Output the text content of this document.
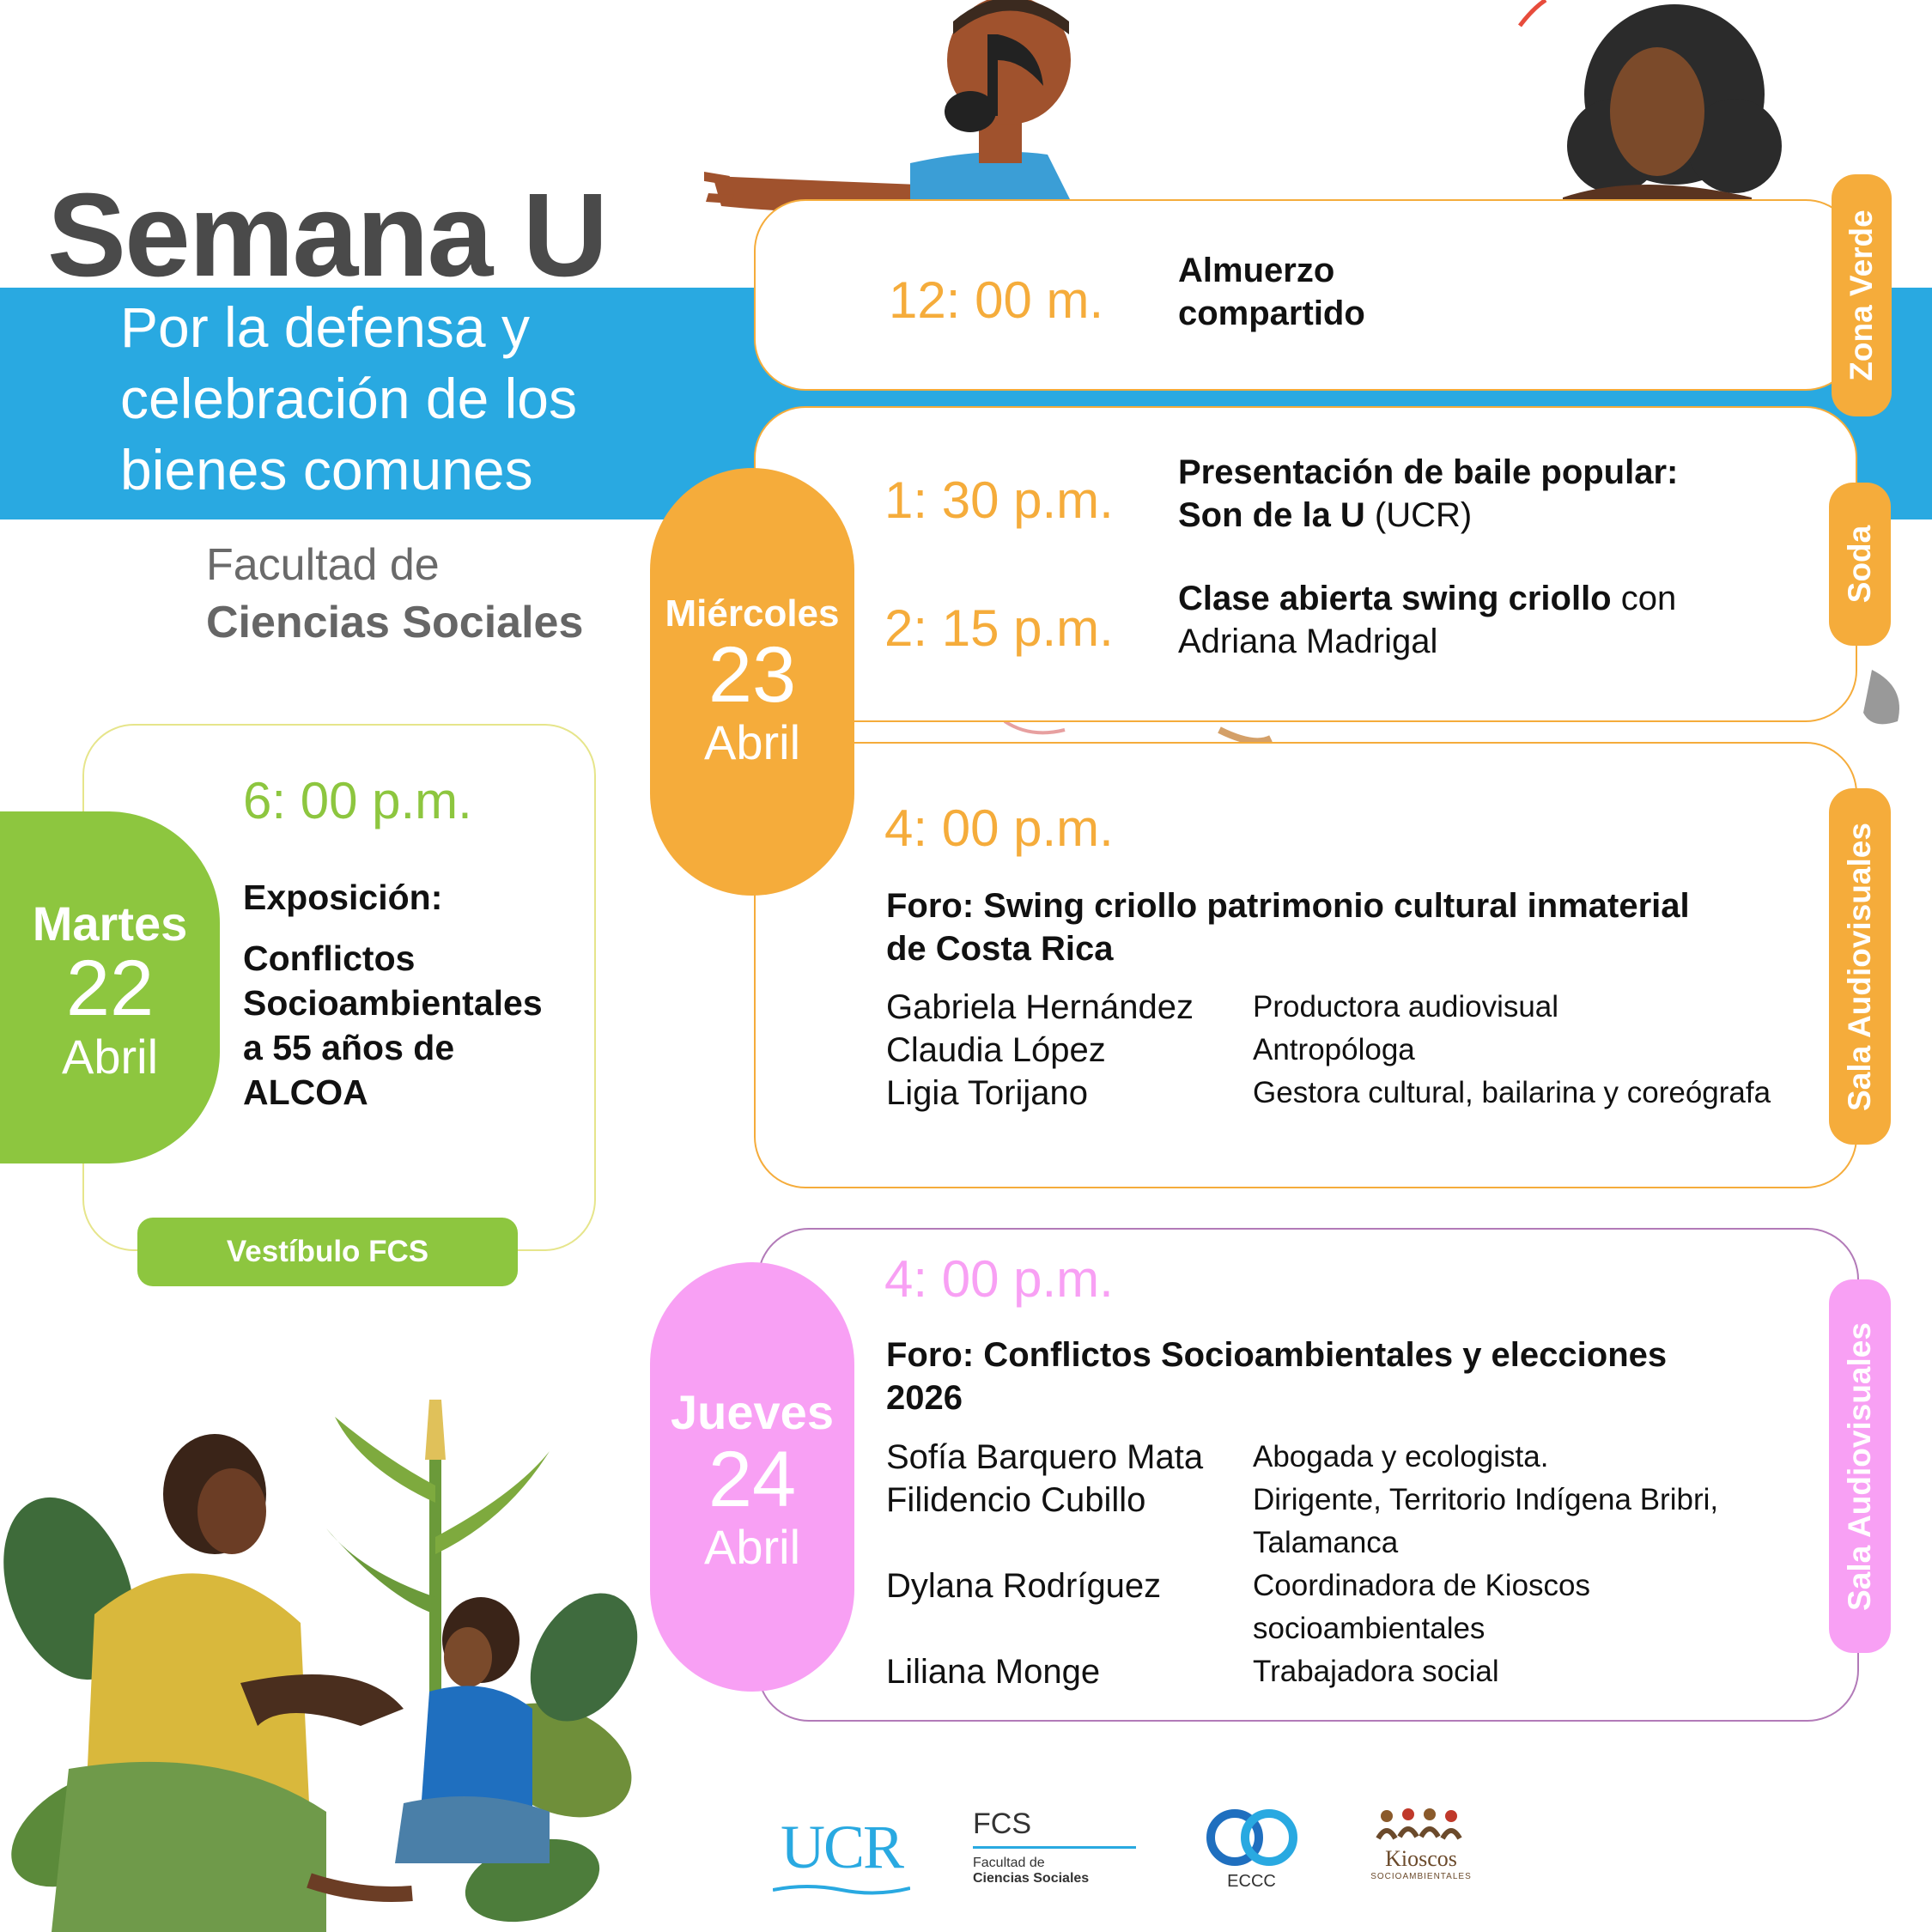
Semana U
Por la defensa y
celebración de los
bienes comunes
Facultad de
Ciencias Sociales
6: 00 p.m.
Exposición:
Conflictos
Socioambientales
a 55 años de
ALCOA
Martes
22
Abril
Vestíbulo FCS
12: 00 m.
Almuerzo
compartido	Zona Verde
1: 30 p.m. Presentación de baile popular:
Son de la U (UCR)
2: 15 p.m.
Clase abierta swing criollo con
Adriana Madrigal
Soda
4: 00 p.m.
Foro: Swing criollo patrimonio cultural inmaterial
de Costa Rica
Gabriela Hernández	Productora audiovisual
Claudia López	Antropóloga
Ligia Torijano	Gestora cultural, bailarina y coreógrafa Sala Audiovisuales
Miércoles
23
Abril
4: 00 p.m.
Foro: Conflictos Socioambientales y elecciones
2026
Sofía Barquero Mata	Abogada y ecologista.
Filidencio Cubillo	Dirigente, Territorio Indígena Bribri,
Talamanca
Dylana Rodríguez	Coordinadora de Kioscos
socioambientales
Liliana Monge	Trabajadora social
Sala Audiovisuales
Jueves
24
Abril
UCR FCS
Facultad de
Ciencias Sociales	ECCC
Kioscos
SOCIOAMBIENTALES
